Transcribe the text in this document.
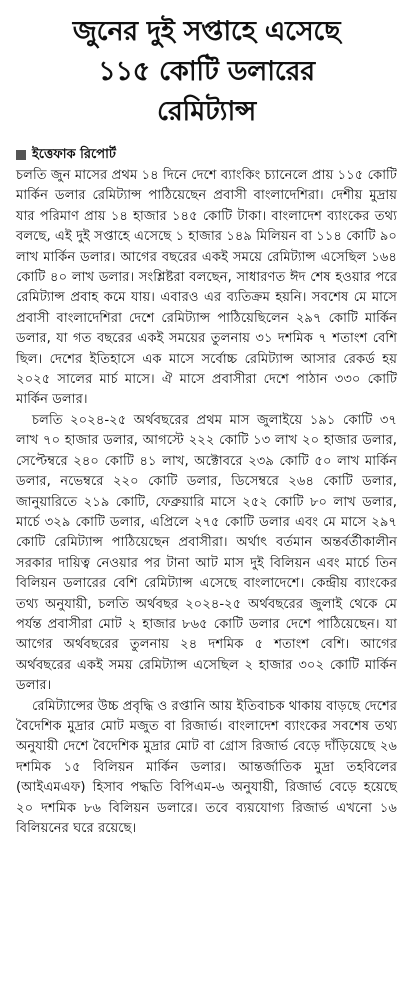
জুনের দুই সপ্তাহে এসেছে
১১৫ কোটি ডলারের
রেমিট্যান্স
ইত্তেফাক রিপোর্ট

চলতি জুন মাসের প্রথম ১৪ দিনে দেশে ব্যাংকিং চ্যানেলে প্রায় ১১৫ কোটি মার্কিন ডলার রেমিট্যান্স পাঠিয়েছেন প্রবাসী বাংলাদেশিরা। দেশীয় মুদ্রায় যার পরিমাণ প্রায় ১৪ হাজার ১৪৫ কোটি টাকা। বাংলাদেশ ব্যাংকের তথ্য বলছে, এই দুই সপ্তাহে এসেছে ১ হাজার ১৪৯ মিলিয়ন বা ১১৪ কোটি ৯০ লাখ মার্কিন ডলার। আগের বছরের একই সময়ে রেমিট্যান্স এসেছিল ১৬৪ কোটি ৪০ লাখ ডলার। সংশ্লিষ্টরা বলছেন, সাধারণত ঈদ শেষ হওয়ার পরে রেমিট্যান্স প্রবাহ কমে যায়। এবারও এর ব্যতিক্রম হয়নি। সবশেষ মে মাসে প্রবাসী বাংলাদেশিরা দেশে রেমিট্যান্স পাঠিয়েছিলেন ২৯৭ কোটি মার্কিন ডলার, যা গত বছরের একই সময়ের তুলনায় ৩১ দশমিক ৭ শতাংশ বেশি ছিল। দেশের ইতিহাসে এক মাসে সর্বোচ্চ রেমিট্যান্স আসার রেকর্ড হয় ২০২৫ সালের মার্চ মাসে। ঐ মাসে প্রবাসীরা দেশে পাঠান ৩৩০ কোটি মার্কিন ডলার।

চলতি ২০২৪-২৫ অর্থবছরের প্রথম মাস জুলাইয়ে ১৯১ কোটি ৩৭ লাখ ৭০ হাজার ডলার, আগস্টে ২২২ কোটি ১৩ লাখ ২০ হাজার ডলার, সেপ্টেম্বরে ২৪০ কোটি ৪১ লাখ, অক্টোবরে ২৩৯ কোটি ৫০ লাখ মার্কিন ডলার, নভেম্বরে ২২০ কোটি ডলার, ডিসেম্বরে ২৬৪ কোটি ডলার, জানুয়ারিতে ২১৯ কোটি, ফেব্রুয়ারি মাসে ২৫২ কোটি ৮০ লাখ ডলার, মার্চে ৩২৯ কোটি ডলার, এপ্রিলে ২৭৫ কোটি ডলার এবং মে মাসে ২৯৭ কোটি রেমিট্যান্স পাঠিয়েছেন প্রবাসীরা। অর্থাৎ বর্তমান অন্তর্বর্তীকালীন সরকার দায়িত্ব নেওয়ার পর টানা আট মাস দুই বিলিয়ন এবং মার্চে তিন বিলিয়ন ডলারের বেশি রেমিট্যান্স এসেছে বাংলাদেশে। কেন্দ্রীয় ব্যাংকের তথ্য অনুযায়ী, চলতি অর্থবছর ২০২৪-২৫ অর্থবছরের জুলাই থেকে মে পর্যন্ত প্রবাসীরা মোট ২ হাজার ৮৬৫ কোটি ডলার দেশে পাঠিয়েছেন। যা আগের অর্থবছরের তুলনায় ২৪ দশমিক ৫ শতাংশ বেশি। আগের অর্থবছরের একই সময় রেমিট্যান্স এসেছিল ২ হাজার ৩০২ কোটি মার্কিন ডলার।

রেমিট্যান্সের উচ্চ প্রবৃদ্ধি ও রপ্তানি আয় ইতিবাচক থাকায় বাড়ছে দেশের বৈদেশিক মুদ্রার মোট মজুত বা রিজার্ভ। বাংলাদেশ ব্যাংকের সবশেষ তথ্য অনুযায়ী দেশে বৈদেশিক মুদ্রার মোট বা গ্রোস রিজার্ভ বেড়ে দাঁড়িয়েছে ২৬ দশমিক ১৫ বিলিয়ন মার্কিন ডলার। আন্তর্জাতিক মুদ্রা তহবিলের (আইএমএফ) হিসাব পদ্ধতি বিপিএম-৬ অনুযায়ী, রিজার্ভ বেড়ে হয়েছে ২০ দশমিক ৮৬ বিলিয়ন ডলারে। তবে ব্যয়যোগ্য রিজার্ভ এখনো ১৬ বিলিয়নের ঘরে রয়েছে।
